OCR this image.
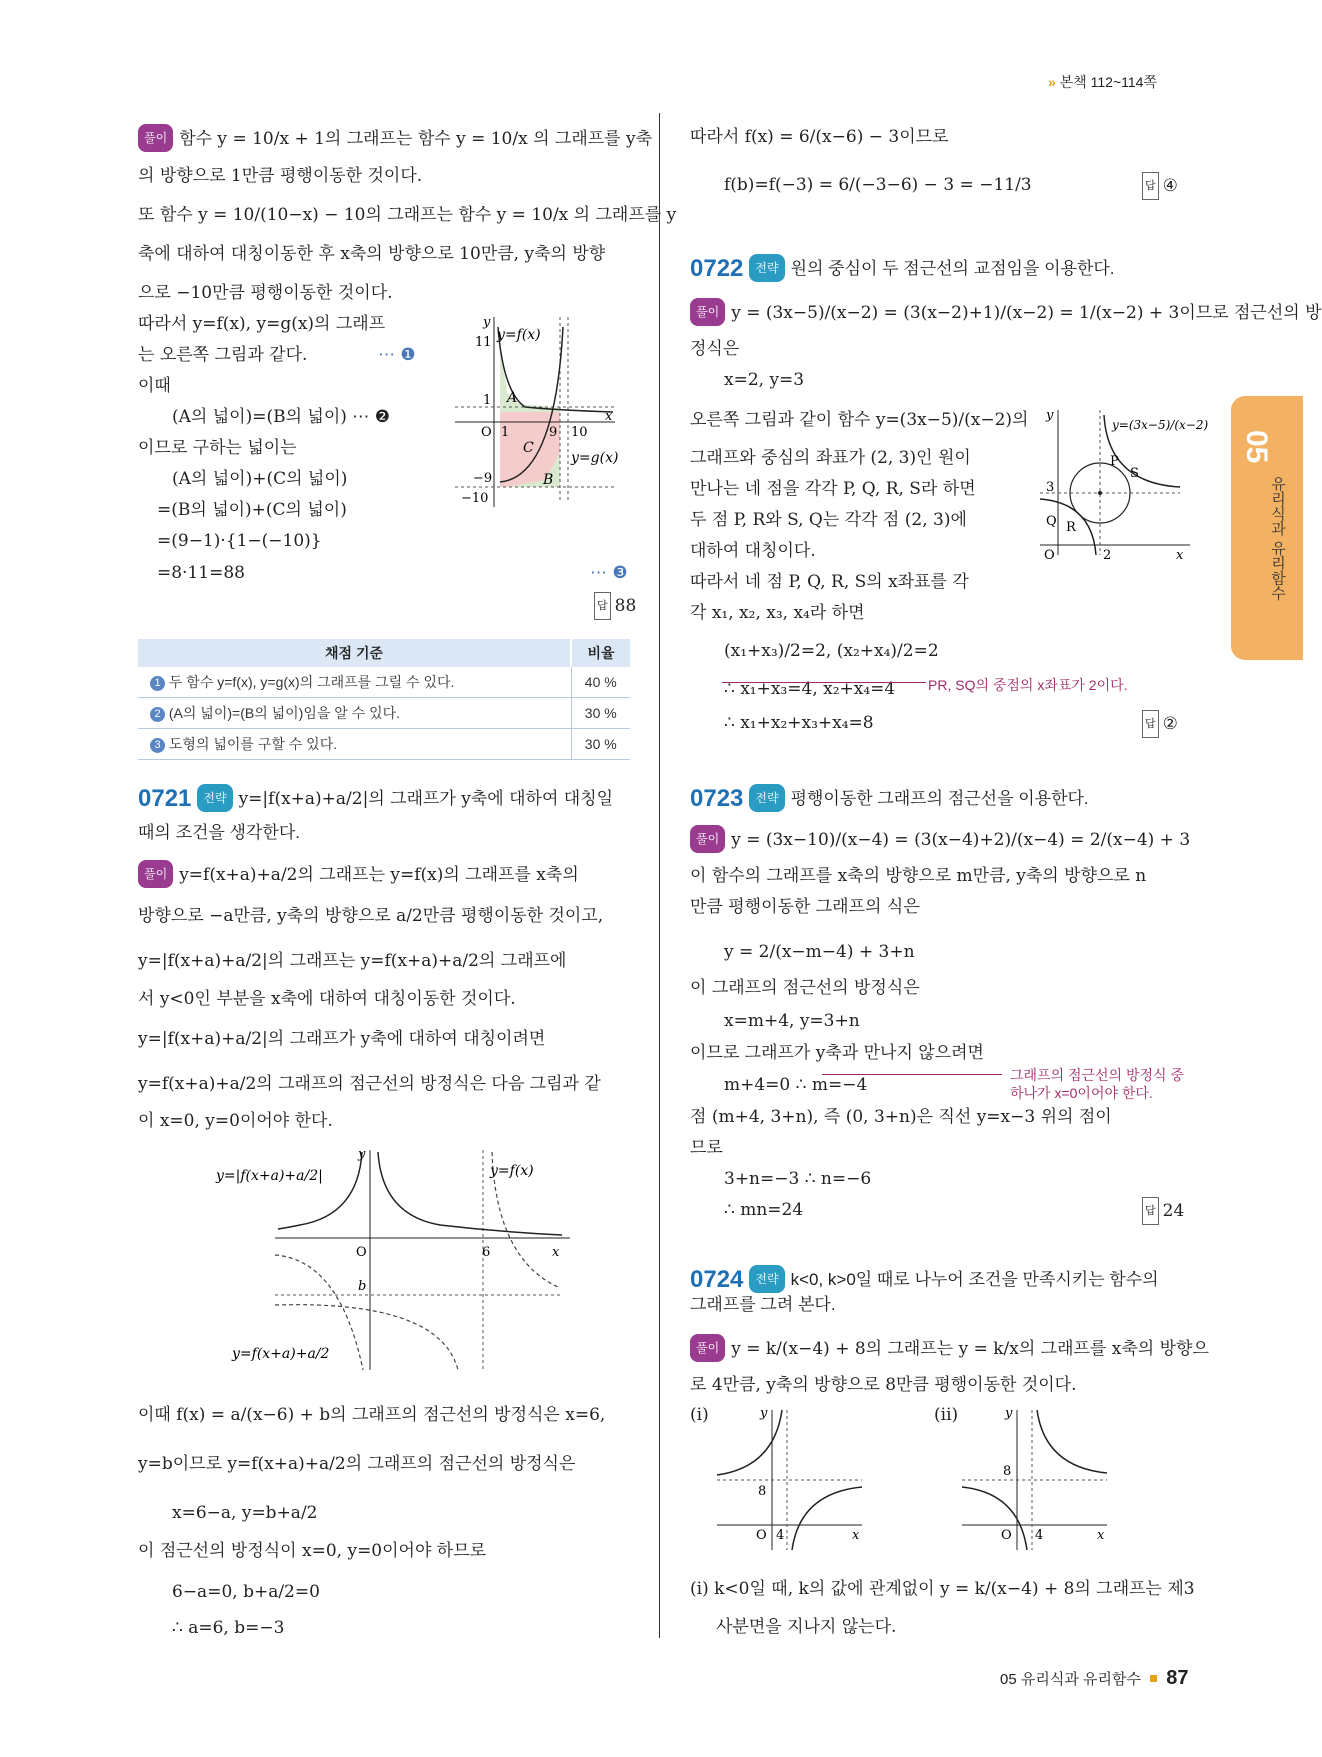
» 본책 112~114쪽
05
유리식과 유리함수
풀이 함수 y = 10/x + 1의 그래프는 함수 y = 10/x 의 그래프를 y축
의 방향으로 1만큼 평행이동한 것이다.
또 함수 y = 10/(10−x) − 10의 그래프는 함수 y = 10/x 의 그래프를 y
축에 대하여 대칭이동한 후 x축의 방향으로 10만큼, y축의 방향
으로 −10만큼 평행이동한 것이다.
따라서 y=f(x), y=g(x)의 그래프
는 오른쪽 그림과 같다.	⋯ ❶
이때
(A의 넓이)=(B의 넓이) ⋯ ❷
이므로 구하는 넓이는
(A의 넓이)+(C의 넓이)
=(B의 넓이)+(C의 넓이)
=(9−1)·{1−(−10)}
=8·11=88	⋯ ❸
답 88
y=f(x)
y=g(x)
y
x
O
11
1
−9
−10
1	9 10
A
C
B
채점 기준	비율
1 두 함수 y=f(x), y=g(x)의 그래프를 그릴 수 있다.	40 %
2 (A의 넓이)=(B의 넓이)임을 알 수 있다.	30 %
3 도형의 넓이를 구할 수 있다.	30 %
0721 전략 y=|f(x+a)+a/2|의 그래프가 y축에 대하여 대칭일
때의 조건을 생각한다.
풀이 y=f(x+a)+a/2의 그래프는 y=f(x)의 그래프를 x축의
방향으로 −a만큼, y축의 방향으로 a/2만큼 평행이동한 것이고,
y=|f(x+a)+a/2|의 그래프는 y=f(x+a)+a/2의 그래프에
서 y<0인 부분을 x축에 대하여 대칭이동한 것이다.
y=|f(x+a)+a/2|의 그래프가 y축에 대하여 대칭이려면
y=f(x+a)+a/2의 그래프의 점근선의 방정식은 다음 그림과 같
이 x=0, y=0이어야 한다.
y=|f(x+a)+a/2|	y=f(x)
y=f(x+a)+a/2
O	6
b
x
y
이때 f(x) = a/(x−6) + b의 그래프의 점근선의 방정식은 x=6,
y=b이므로 y=f(x+a)+a/2의 그래프의 점근선의 방정식은
x=6−a, y=b+a/2
이 점근선의 방정식이 x=0, y=0이어야 하므로
6−a=0, b+a/2=0
∴ a=6, b=−3
따라서 f(x) = 6/(x−6) − 3이므로
f(b)=f(−3) = 6/(−3−6) − 3 = −11/3	답 ④
0722 전략 원의 중심이 두 점근선의 교점임을 이용한다.
풀이 y = (3x−5)/(x−2) = (3(x−2)+1)/(x−2) = 1/(x−2) + 3이므로 점근선의 방
정식은
x=2, y=3
오른쪽 그림과 같이 함수 y=(3x−5)/(x−2)의
그래프와 중심의 좌표가 (2, 3)인 원이
만나는 네 점을 각각 P, Q, R, S라 하면
두 점 P, R와 S, Q는 각각 점 (2, 3)에
대하여 대칭이다.
따라서 네 점 P, Q, R, S의 x좌표를 각
각 x₁, x₂, x₃, x₄라 하면
(x₁+x₃)/2=2, (x₂+x₄)/2=2
∴ x₁+x₃=4, x₂+x₄=4 PR, SQ의 중점의 x좌표가 2이다.
∴ x₁+x₂+x₃+x₄=8	답 ②
y
x
O
3
2
y=(3x−5)/(x−2)
P
S
Q R
0723 전략 평행이동한 그래프의 점근선을 이용한다.
풀이 y = (3x−10)/(x−4) = (3(x−4)+2)/(x−4) = 2/(x−4) + 3
이 함수의 그래프를 x축의 방향으로 m만큼, y축의 방향으로 n
만큼 평행이동한 그래프의 식은
y = 2/(x−m−4) + 3+n
이 그래프의 점근선의 방정식은
x=m+4, y=3+n
이므로 그래프가 y축과 만나지 않으려면
그래프의 점근선의 방정식 중
하나가 x=0이어야 한다.
m+4=0 ∴ m=−4
점 (m+4, 3+n), 즉 (0, 3+n)은 직선 y=x−3 위의 점이
므로
3+n=−3 ∴ n=−6
∴ mn=24	답 24
0724 전략 k<0, k>0일 때로 나누어 조건을 만족시키는 함수의
그래프를 그려 본다.
풀이 y = k/(x−4) + 8의 그래프는 y = k/x의 그래프를 x축의 방향으
로 4만큼, y축의 방향으로 8만큼 평행이동한 것이다.
(i)	(ii)
y
x
O 4
8
y
x
O 4
8
(i) k<0일 때, k의 값에 관계없이 y = k/(x−4) + 8의 그래프는 제3
사분면을 지나지 않는다.
05 유리식과 유리함수 87
